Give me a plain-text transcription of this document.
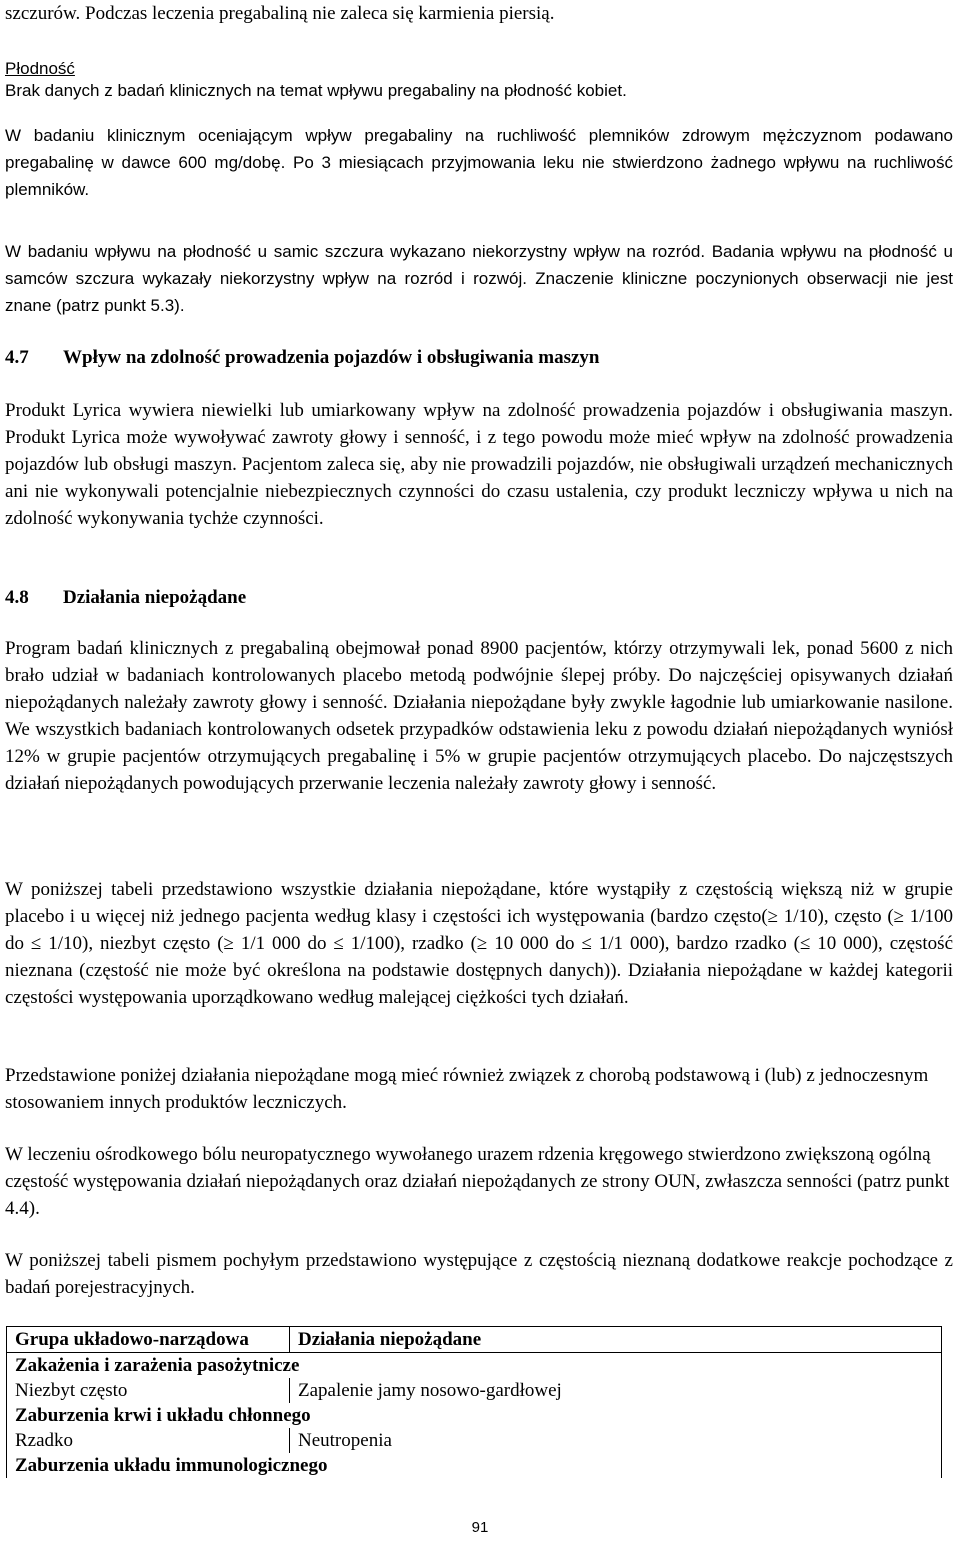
szczurów. Podczas leczenia pregabaliną nie zaleca się karmienia piersią.

Płodność

Brak danych z badań klinicznych na temat wpływu pregabaliny na płodność kobiet.

W badaniu klinicznym oceniającym wpływ pregabaliny na ruchliwość plemników zdrowym mężczyznom podawano pregabalinę w dawce 600 mg/dobę. Po 3 miesiącach przyjmowania leku nie stwierdzono żadnego wpływu na ruchliwość plemników.

W badaniu wpływu na płodność u samic szczura wykazano niekorzystny wpływ na rozród. Badania wpływu na płodność u samców szczura wykazały niekorzystny wpływ na rozród i rozwój. Znaczenie kliniczne poczynionych obserwacji nie jest znane (patrz punkt 5.3).

4.7 Wpływ na zdolność prowadzenia pojazdów i obsługiwania maszyn

Produkt Lyrica wywiera niewielki lub umiarkowany wpływ na zdolność prowadzenia pojazdów i obsługiwania maszyn. Produkt Lyrica może wywoływać zawroty głowy i senność, i z tego powodu może mieć wpływ na zdolność prowadzenia pojazdów lub obsługi maszyn. Pacjentom zaleca się, aby nie prowadzili pojazdów, nie obsługiwali urządzeń mechanicznych ani nie wykonywali potencjalnie niebezpiecznych czynności do czasu ustalenia, czy produkt leczniczy wpływa u nich na zdolność wykonywania tychże czynności.

4.8 Działania niepożądane

Program badań klinicznych z pregabaliną obejmował ponad 8900 pacjentów, którzy otrzymywali lek, ponad 5600 z nich brało udział w badaniach kontrolowanych placebo metodą podwójnie ślepej próby. Do najczęściej opisywanych działań niepożądanych należały zawroty głowy i senność. Działania niepożądane były zwykle łagodnie lub umiarkowanie nasilone. We wszystkich badaniach kontrolowanych odsetek przypadków odstawienia leku z powodu działań niepożądanych wyniósł 12% w grupie pacjentów otrzymujących pregabalinę i 5% w grupie pacjentów otrzymujących placebo. Do najczęstszych działań niepożądanych powodujących przerwanie leczenia należały zawroty głowy i senność.

W poniższej tabeli przedstawiono wszystkie działania niepożądane, które wystąpiły z częstością większą niż w grupie placebo i u więcej niż jednego pacjenta według klasy i częstości ich występowania (bardzo często(≥ 1/10), często (≥ 1/100 do ≤ 1/10), niezbyt często (≥ 1/1 000 do ≤ 1/100), rzadko (≥ 10 000 do ≤ 1/1 000), bardzo rzadko (≤ 10 000), częstość nieznana (częstość nie może być określona na podstawie dostępnych danych)). Działania niepożądane w każdej kategorii częstości występowania uporządkowano według malejącej ciężkości tych działań.

Przedstawione poniżej działania niepożądane mogą mieć również związek z chorobą podstawową i (lub) z jednoczesnym stosowaniem innych produktów leczniczych.

W leczeniu ośrodkowego bólu neuropatycznego wywołanego urazem rdzenia kręgowego stwierdzono zwiększoną ogólną częstość występowania działań niepożądanych oraz działań niepożądanych ze strony OUN, zwłaszcza senności (patrz punkt 4.4).

W poniższej tabeli pismem pochyłym przedstawiono występujące z częstością nieznaną dodatkowe reakcje pochodzące z badań porejestracyjnych.

Grupa układowo-narządowa	Działania niepożądane
Zakażenia i zarażenia pasożytnicze	
Niezbyt często	Zapalenie jamy nosowo-gardłowej
Zaburzenia krwi i układu chłonnego	
Rzadko	Neutropenia
Zaburzenia układu immunologicznego	
91
